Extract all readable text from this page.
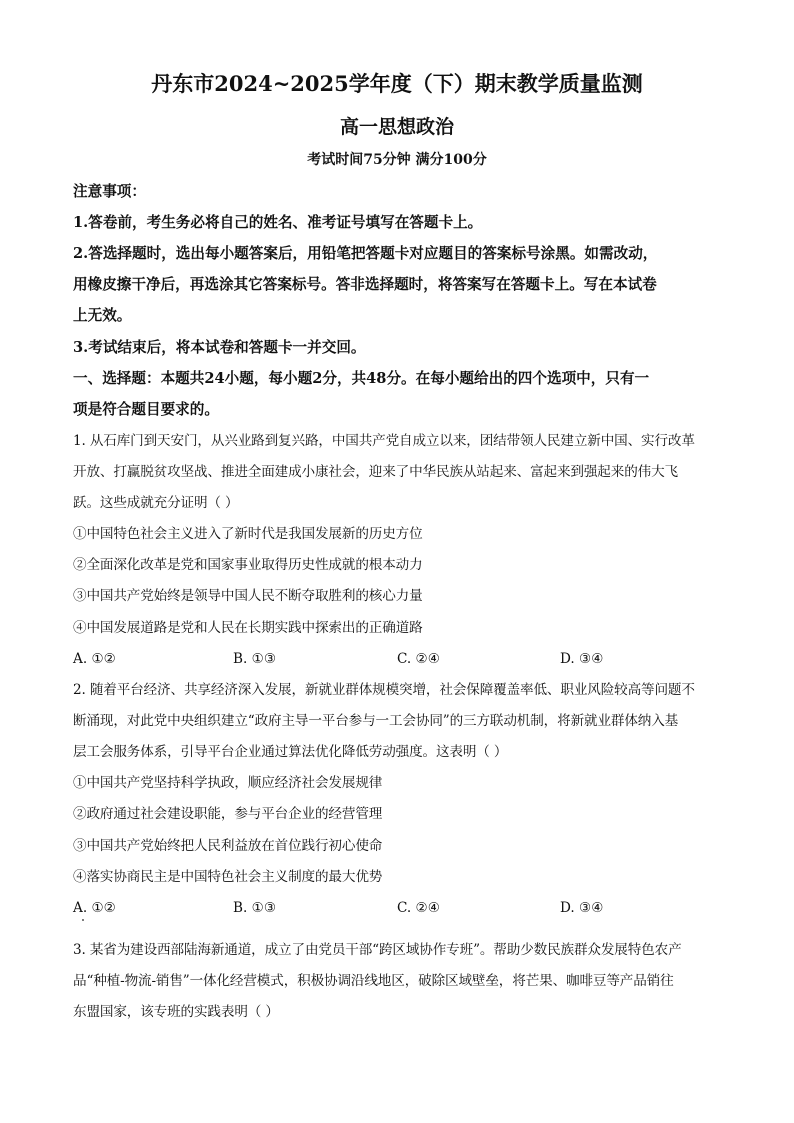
丹东市2024~2025学年度（下）期末教学质量监测
高一思想政治
考试时间75分钟 满分100分
注意事项：
1.答卷前，考生务必将自己的姓名、准考证号填写在答题卡上。
2.答选择题时，选出每小题答案后，用铅笔把答题卡对应题目的答案标号涂黑。如需改动，
用橡皮擦干净后，再选涂其它答案标号。答非选择题时，将答案写在答题卡上。写在本试卷
上无效。
3.考试结束后，将本试卷和答题卡一并交回。
一、选择题：本题共24小题，每小题2分，共48分。在每小题给出的四个选项中，只有一
项是符合题目要求的。
1. 从石库门到天安门，从兴业路到复兴路，中国共产党自成立以来，团结带领人民建立新中国、实行改革
开放、打赢脱贫攻坚战、推进全面建成小康社会，迎来了中华民族从站起来、富起来到强起来的伟大飞
跃。这些成就充分证明（ ）
①中国特色社会主义进入了新时代是我国发展新的历史方位
②全面深化改革是党和国家事业取得历史性成就的根本动力
③中国共产党始终是领导中国人民不断夺取胜利的核心力量
④中国发展道路是党和人民在长期实践中探索出的正确道路
A. ①②	B. ①③	C. ②④	D. ③④
2. 随着平台经济、共享经济深入发展，新就业群体规模突增，社会保障覆盖率低、职业风险较高等问题不
断涌现，对此党中央组织建立“政府主导一平台参与一工会协同”的三方联动机制，将新就业群体纳入基
层工会服务体系，引导平台企业通过算法优化降低劳动强度。这表明（ ）
①中国共产党坚持科学执政，顺应经济社会发展规律
②政府通过社会建设职能，参与平台企业的经营管理
③中国共产党始终把人民利益放在首位践行初心使命
④落实协商民主是中国特色社会主义制度的最大优势
A. ①②	B. ①③	C. ②④	D. ③④
3. 某省为建设西部陆海新通道，成立了由党员干部“跨区域协作专班”。帮助少数民族群众发展特色农产
品“种植-物流-销售”一体化经营模式，积极协调沿线地区，破除区域壁垒，将芒果、咖啡豆等产品销往
东盟国家，该专班的实践表明（ ）
